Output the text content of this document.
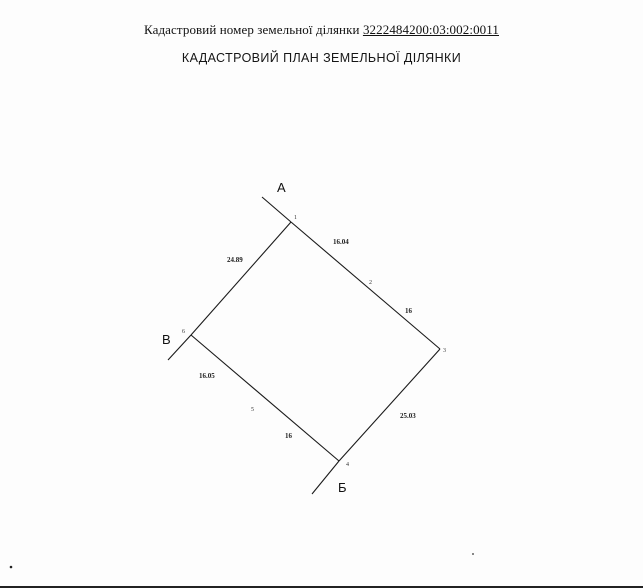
Кадастровий номер земельної ділянки 3222484200:03:002:0011
КАДАСТРОВИЙ ПЛАН ЗЕМЕЛЬНОЇ ДІЛЯНКИ
А
В
Б
1
2
3
4
5
6
16.04
16
25.03
16
16.05
24.89
